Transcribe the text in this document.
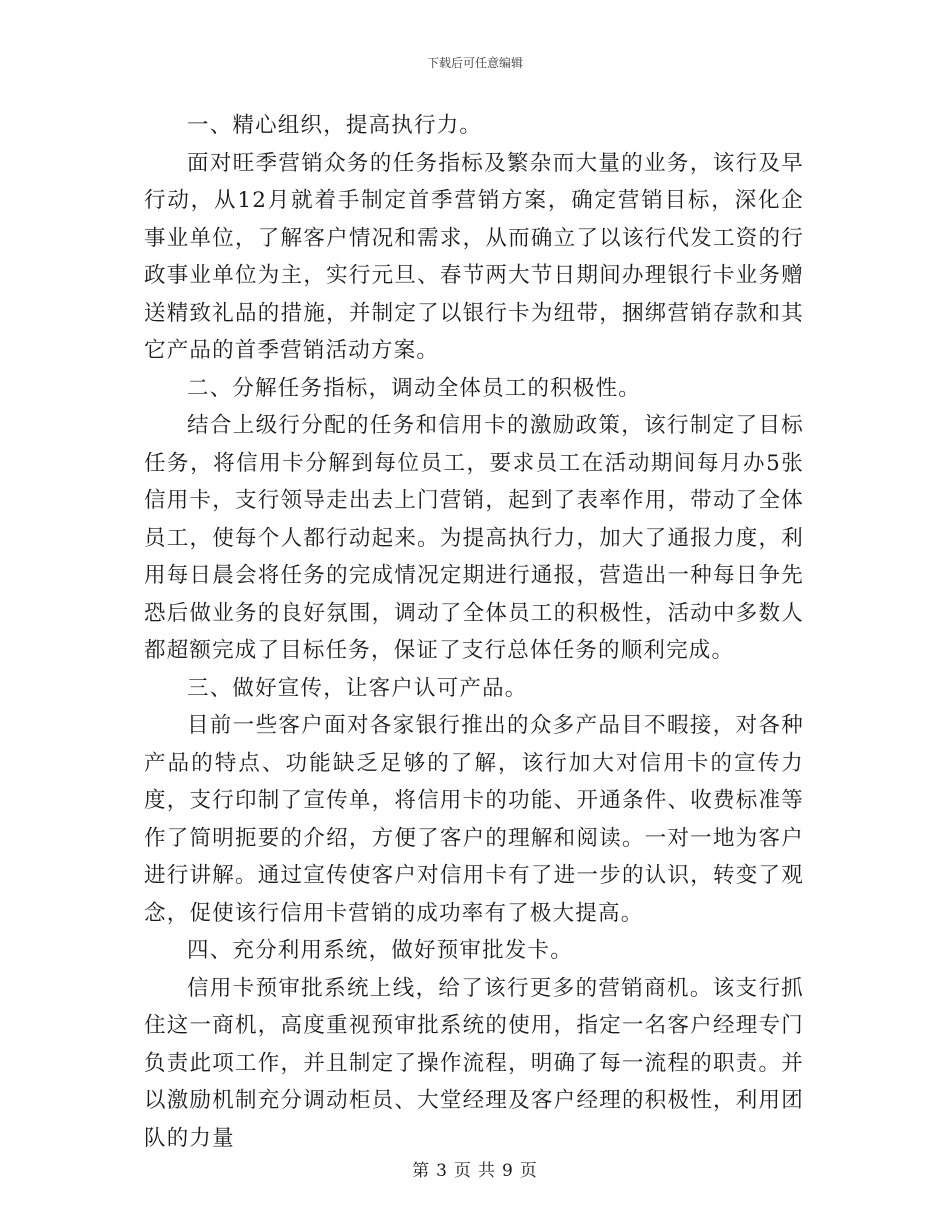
下载后可任意编辑

一、精心组织，提高执行力。

面对旺季营销众务的任务指标及繁杂而大量的业务，该行及早行动，从12月就着手制定首季营销方案，确定营销目标，深化企事业单位，了解客户情况和需求，从而确立了以该行代发工资的行政事业单位为主，实行元旦、春节两大节日期间办理银行卡业务赠送精致礼品的措施，并制定了以银行卡为纽带，捆绑营销存款和其它产品的首季营销活动方案。

二、分解任务指标，调动全体员工的积极性。

结合上级行分配的任务和信用卡的激励政策，该行制定了目标任务，将信用卡分解到每位员工，要求员工在活动期间每月办5张信用卡，支行领导走出去上门营销，起到了表率作用，带动了全体员工，使每个人都行动起来。为提高执行力，加大了通报力度，利用每日晨会将任务的完成情况定期进行通报，营造出一种每日争先恐后做业务的良好氛围，调动了全体员工的积极性，活动中多数人都超额完成了目标任务，保证了支行总体任务的顺利完成。

三、做好宣传，让客户认可产品。

目前一些客户面对各家银行推出的众多产品目不暇接，对各种产品的特点、功能缺乏足够的了解，该行加大对信用卡的宣传力度，支行印制了宣传单，将信用卡的功能、开通条件、收费标准等作了简明扼要的介绍，方便了客户的理解和阅读。一对一地为客户进行讲解。通过宣传使客户对信用卡有了进一步的认识，转变了观念，促使该行信用卡营销的成功率有了极大提高。

四、充分利用系统，做好预审批发卡。

信用卡预审批系统上线，给了该行更多的营销商机。该支行抓住这一商机，高度重视预审批系统的使用，指定一名客户经理专门负责此项工作，并且制定了操作流程，明确了每一流程的职责。并以激励机制充分调动柜员、大堂经理及客户经理的积极性，利用团队的力量

第 3 页 共 9 页
